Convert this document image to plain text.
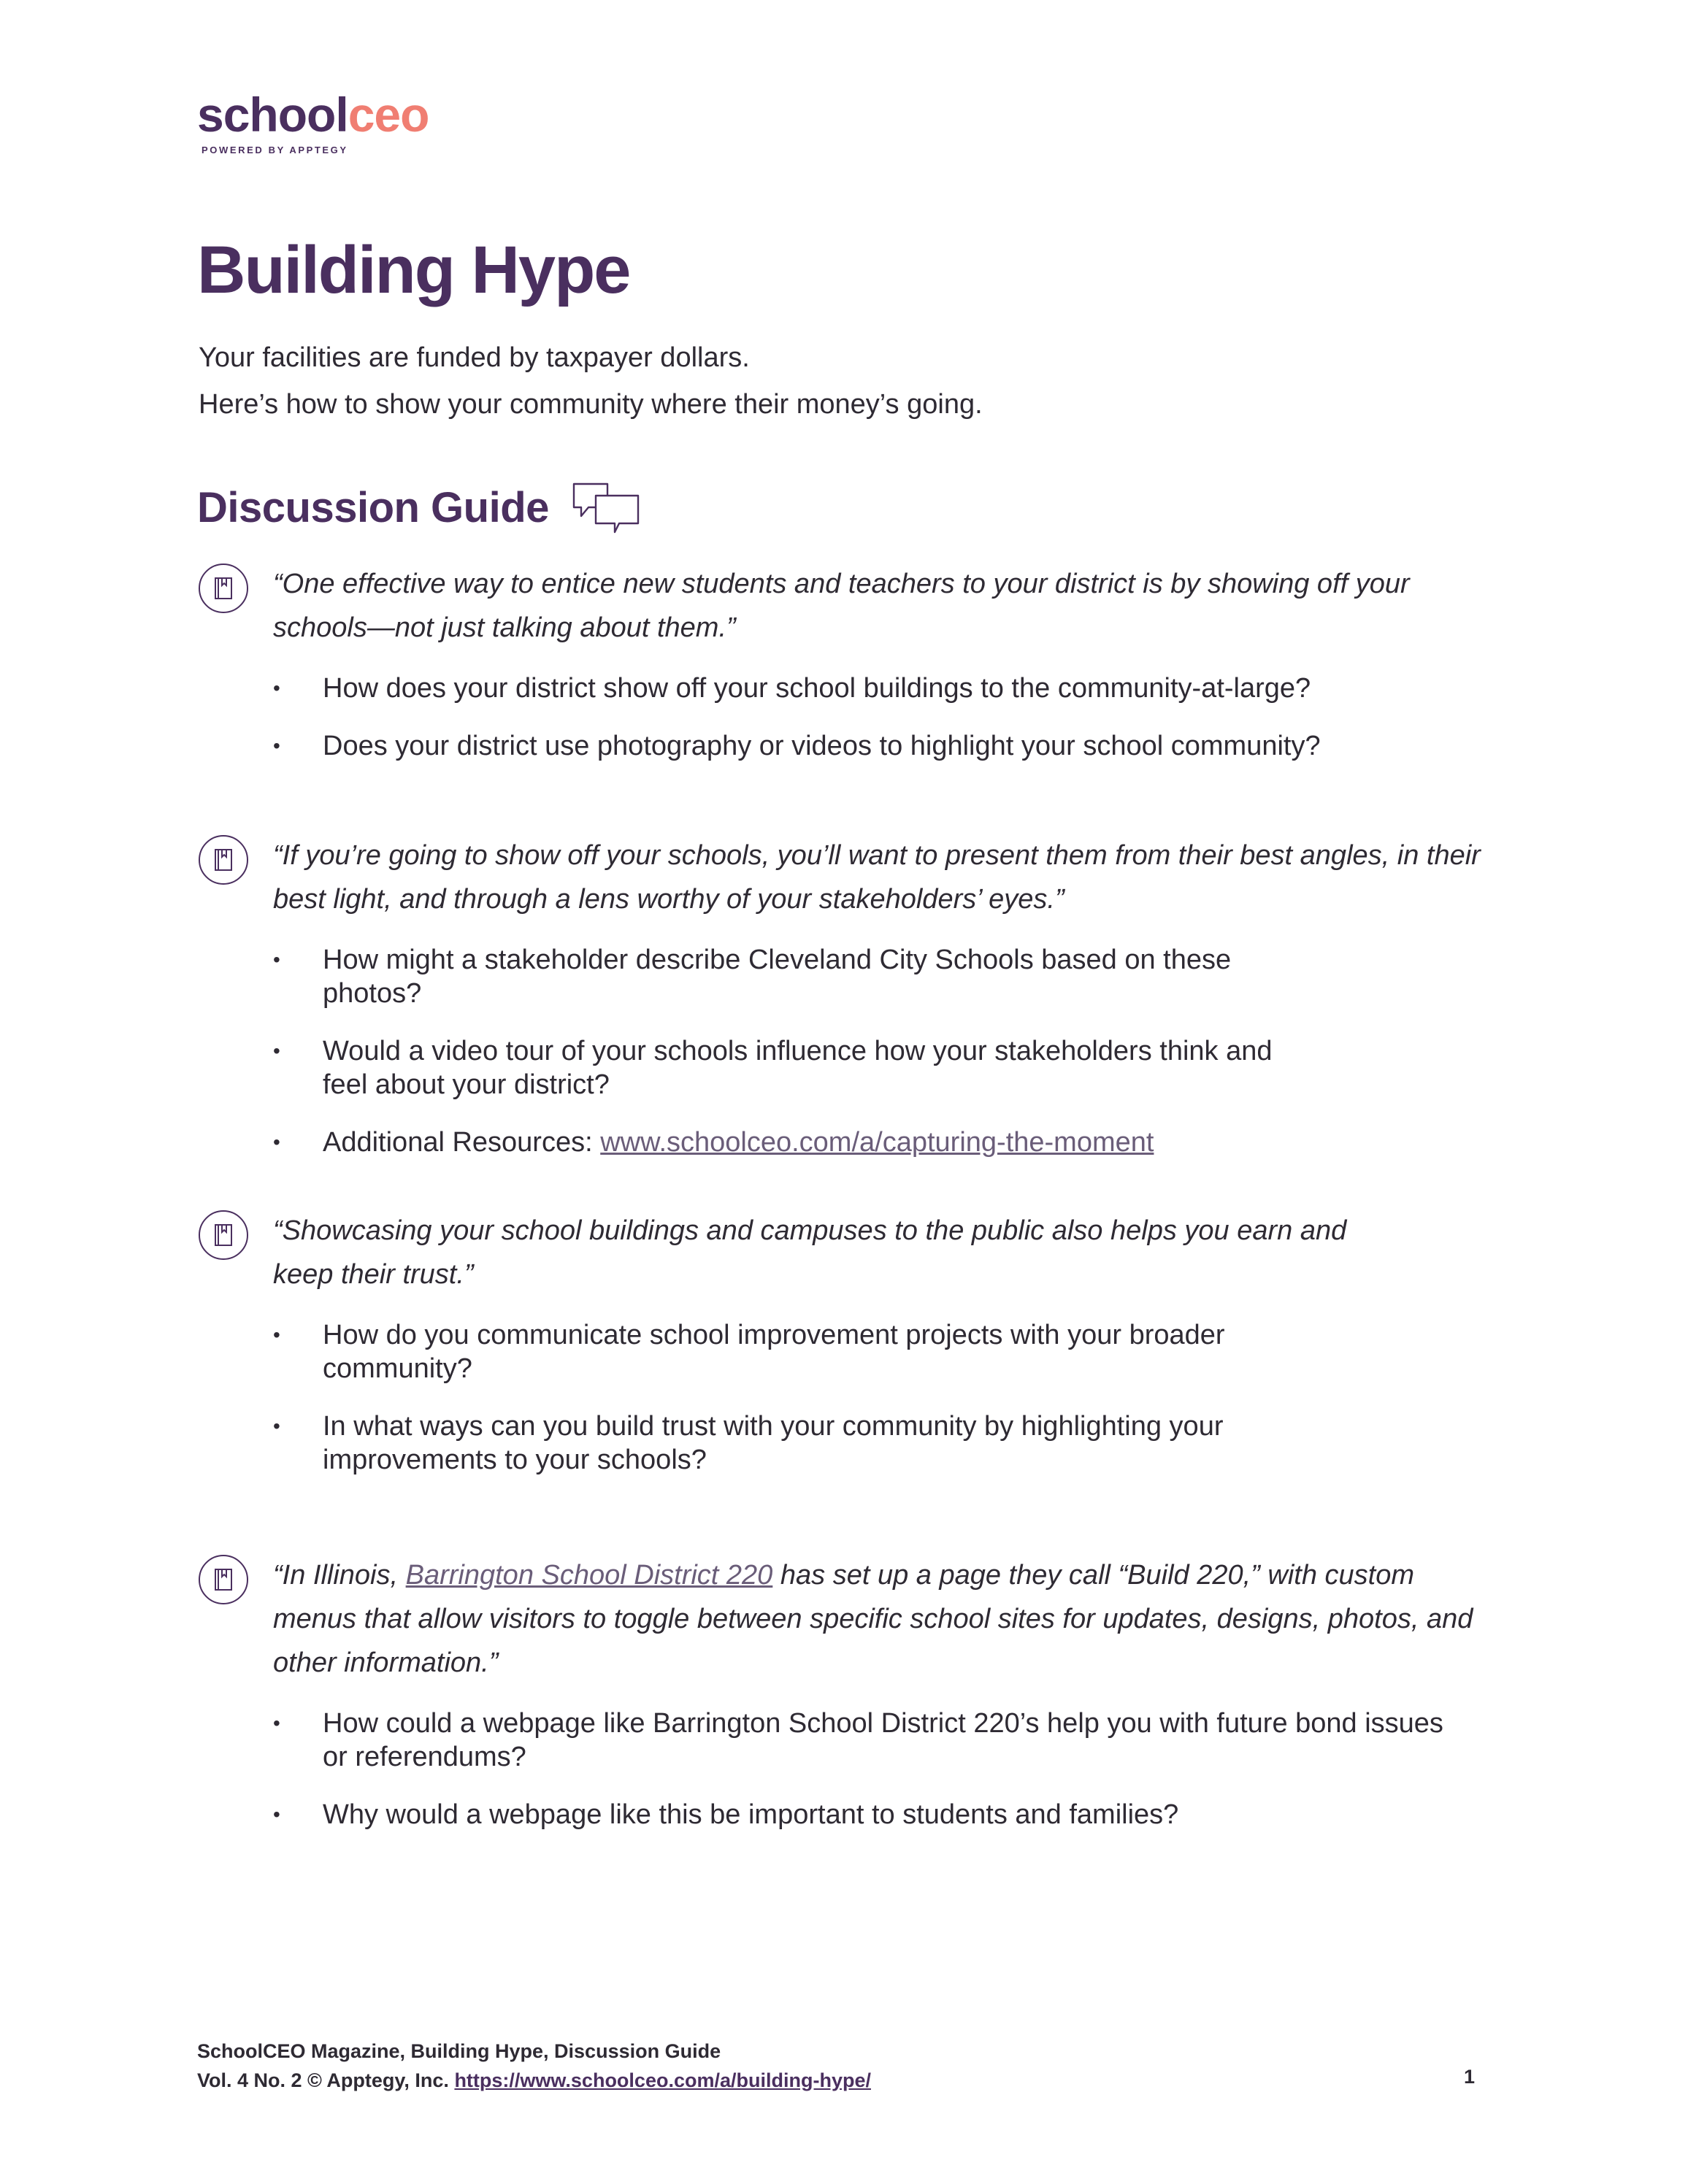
schoolceo
POWERED BY APPTEGY
Building Hype

Your facilities are funded by taxpayer dollars.
Here’s how to show your community where their money’s going.

Discussion Guide

“One effective way to entice new students and teachers to your district is by showing off your schools—not just talking about them.”

• How does your district show off your school buildings to the community-at-large?
• Does your district use photography or videos to highlight your school community?

“If you’re going to show off your schools, you’ll want to present them from their best angles, in their best light, and through a lens worthy of your stakeholders’ eyes.”

• How might a stakeholder describe Cleveland City Schools based on these photos?
• Would a video tour of your schools influence how your stakeholders think and feel about your district?
• Additional Resources: www.schoolceo.com/a/capturing-the-moment

“Showcasing your school buildings and campuses to the public also helps you earn and keep their trust.”

• How do you communicate school improvement projects with your broader community?
• In what ways can you build trust with your community by highlighting your improvements to your schools?

“In Illinois, Barrington School District 220 has set up a page they call “Build 220,” with custom menus that allow visitors to toggle between specific school sites for updates, designs, photos, and other information.”

• How could a webpage like Barrington School District 220’s help you with future bond issues or referendums?
• Why would a webpage like this be important to students and families?
SchoolCEO Magazine, Building Hype, Discussion Guide
Vol. 4 No. 2 © Apptegy, Inc. https://www.schoolceo.com/a/building-hype/	1
